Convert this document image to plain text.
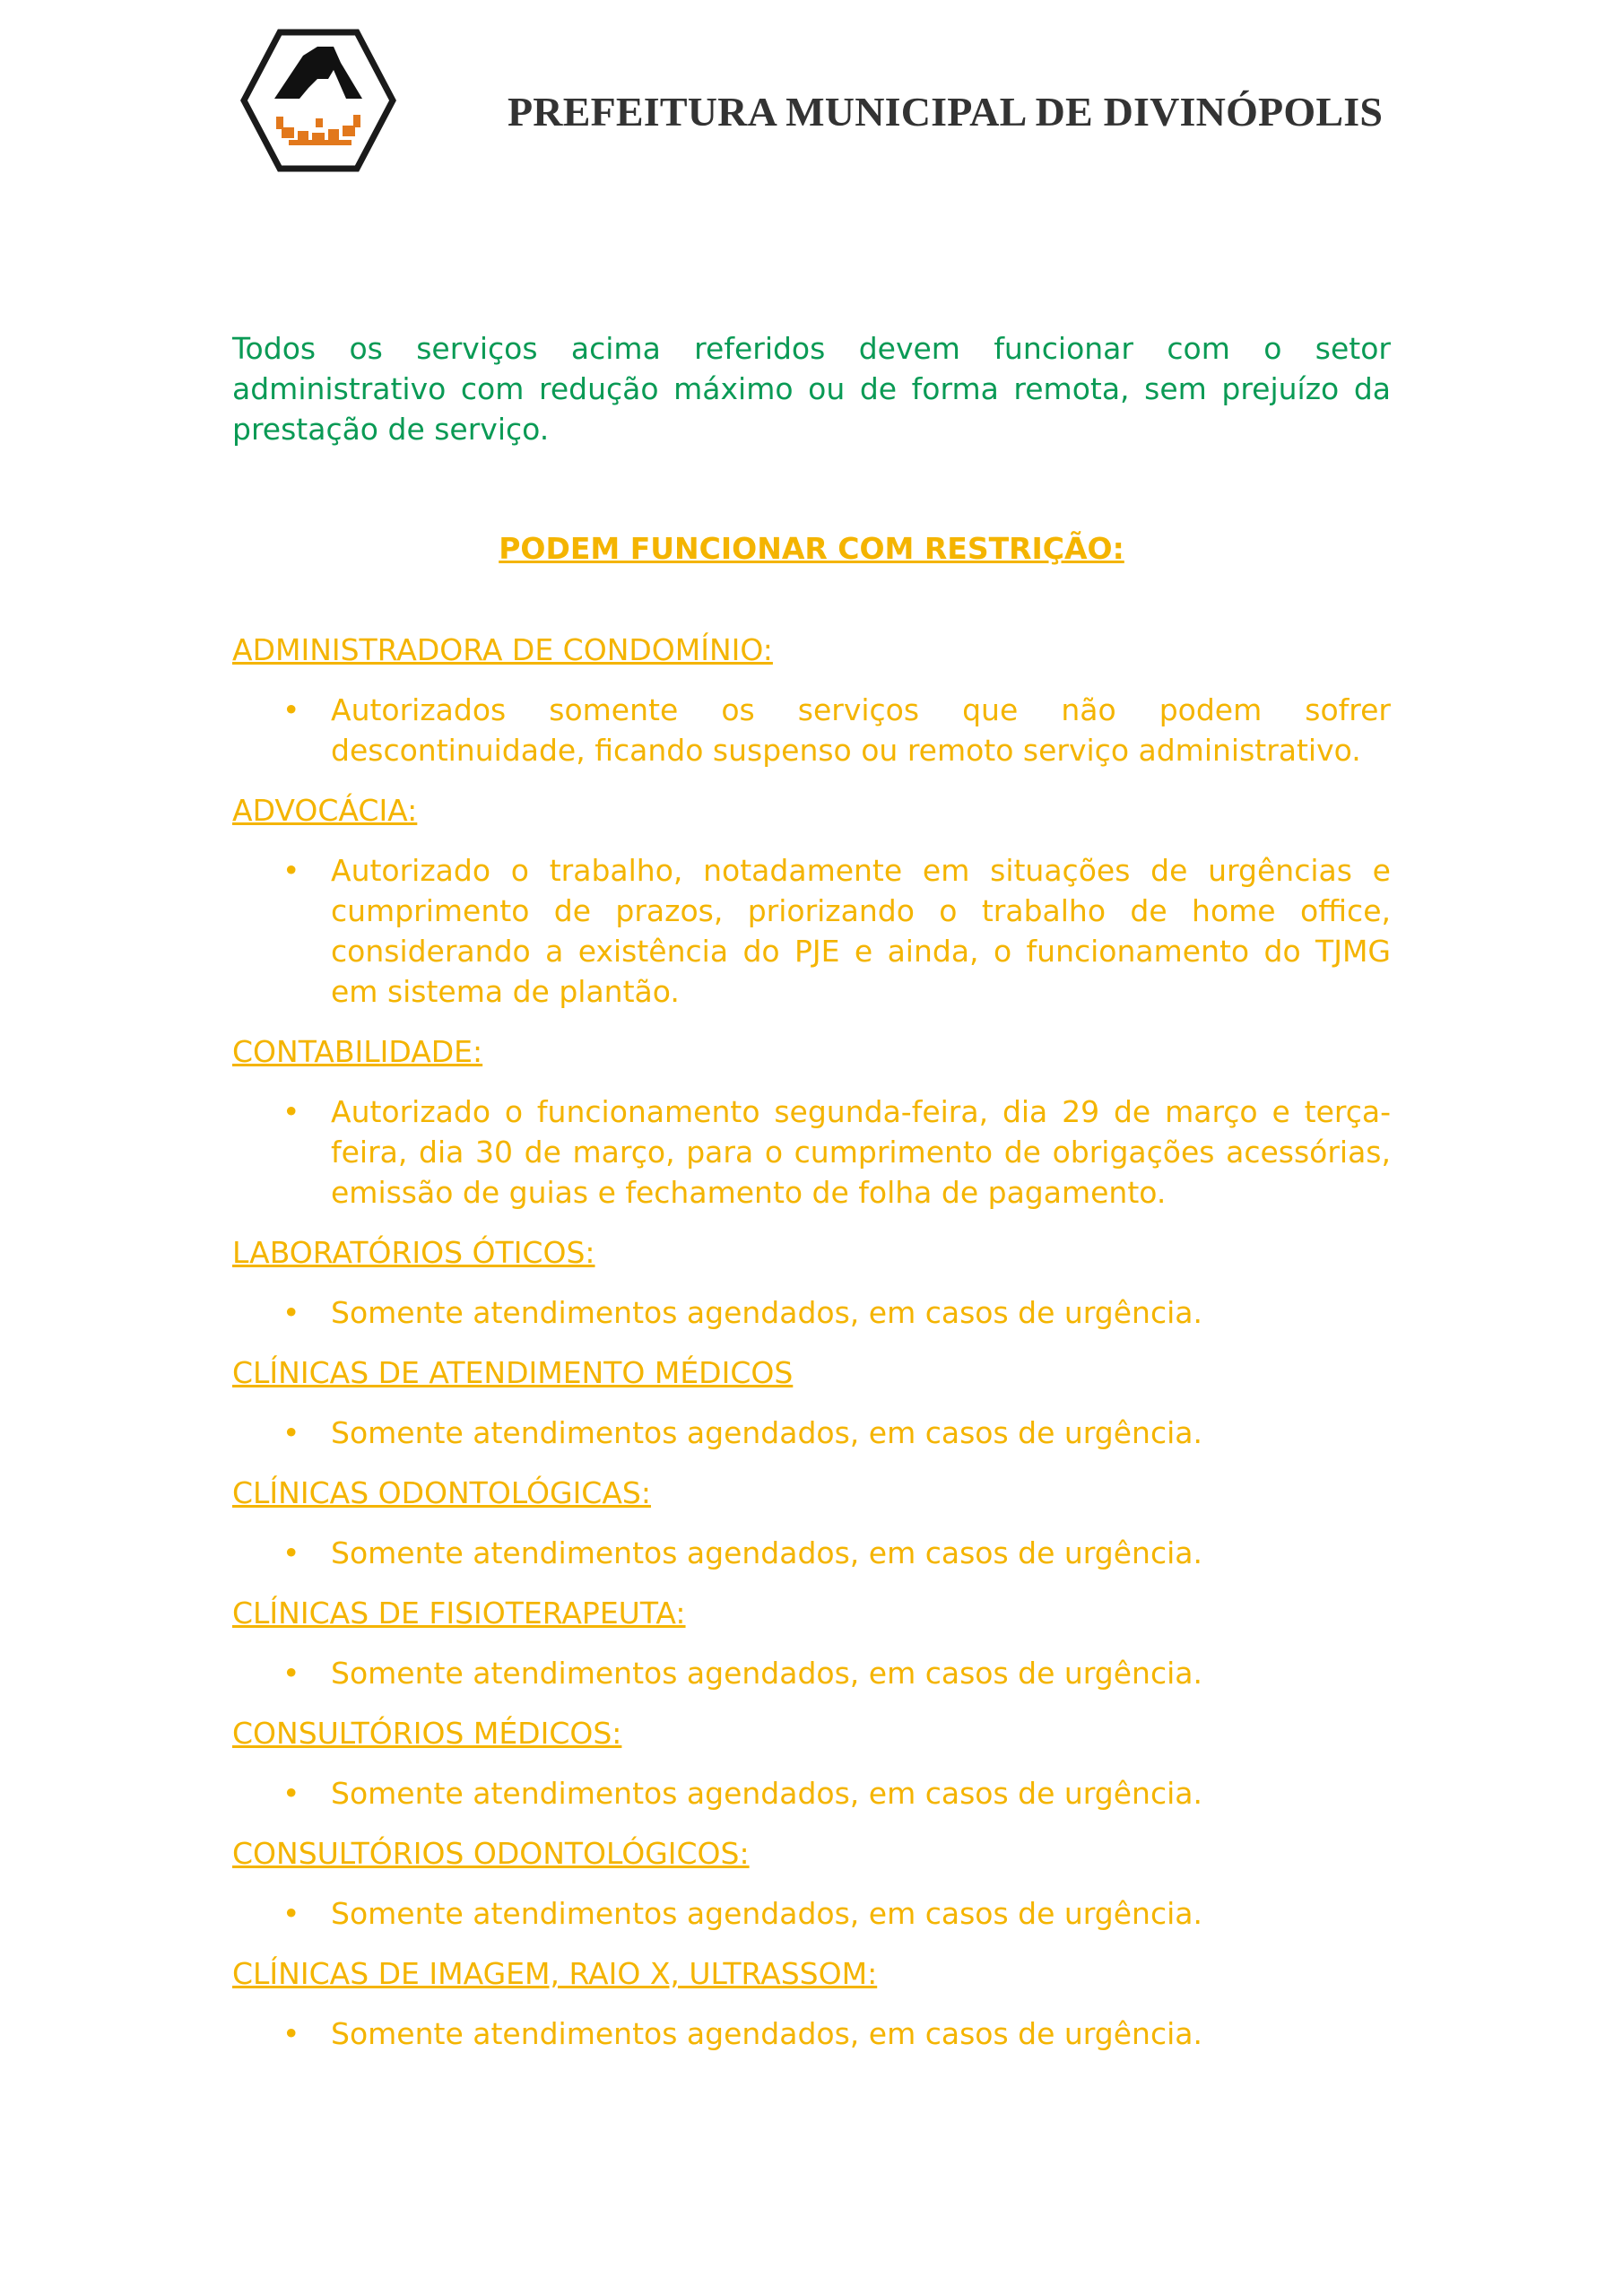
PREFEITURA MUNICIPAL DE DIVINÓPOLIS
Todos os serviços acima referidos devem funcionar com o setor administrativo com redução máximo ou de forma remota, sem prejuízo da prestação de serviço.
PODEM FUNCIONAR COM RESTRIÇÃO:

ADMINISTRADORA DE CONDOMÍNIO:

• Autorizados somente os serviços que não podem sofrer descontinuidade, ficando suspenso ou remoto serviço administrativo.

ADVOCÁCIA:

• Autorizado o trabalho, notadamente em situações de urgências e cumprimento de prazos, priorizando o trabalho de home office, considerando a existência do PJE e ainda, o funcionamento do TJMG em sistema de plantão.

CONTABILIDADE:

• Autorizado o funcionamento segunda-feira, dia 29 de março e terça-feira, dia 30 de março, para o cumprimento de obrigações acessórias, emissão de guias e fechamento de folha de pagamento.

LABORATÓRIOS ÓTICOS:

• Somente atendimentos agendados, em casos de urgência.

CLÍNICAS DE ATENDIMENTO MÉDICOS

• Somente atendimentos agendados, em casos de urgência.

CLÍNICAS ODONTOLÓGICAS:

• Somente atendimentos agendados, em casos de urgência.

CLÍNICAS DE FISIOTERAPEUTA:

• Somente atendimentos agendados, em casos de urgência.

CONSULTÓRIOS MÉDICOS:

• Somente atendimentos agendados, em casos de urgência.

CONSULTÓRIOS ODONTOLÓGICOS:

• Somente atendimentos agendados, em casos de urgência.

CLÍNICAS DE IMAGEM, RAIO X, ULTRASSOM:

• Somente atendimentos agendados, em casos de urgência.
